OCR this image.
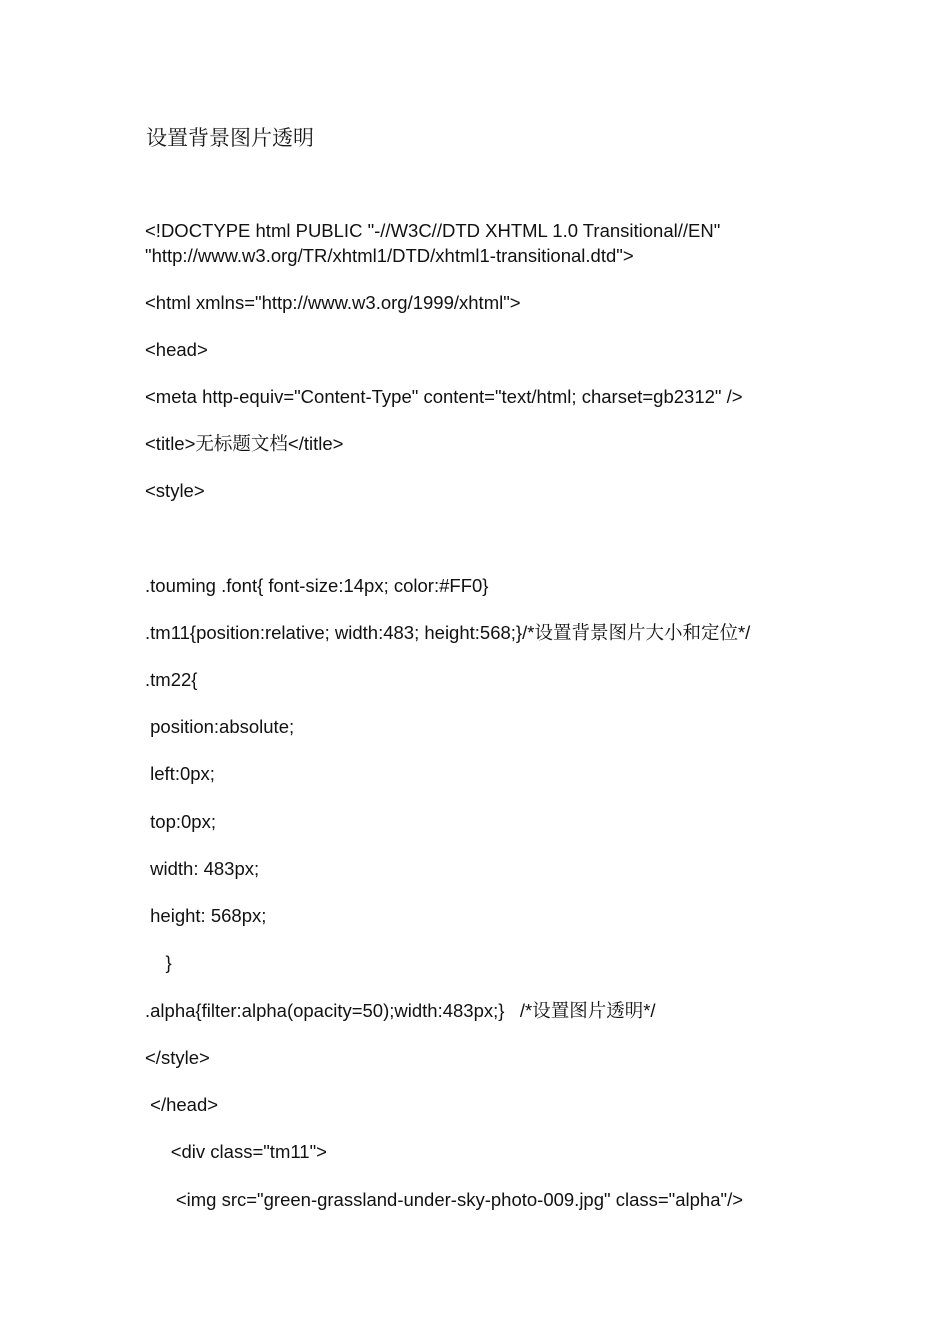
设置背景图片透明
<!DOCTYPE html PUBLIC "-//W3C//DTD XHTML 1.0 Transitional//EN"
"http://www.w3.org/TR/xhtml1/DTD/xhtml1-transitional.dtd">
<html xmlns="http://www.w3.org/1999/xhtml">
<head>
<meta http-equiv="Content-Type" content="text/html; charset=gb2312" />
<title>无标题文档</title>
<style>
.touming .font{ font-size:14px; color:#FF0}
.tm11{position:relative; width:483; height:568;}/*设置背景图片大小和定位*/
.tm22{
position:absolute;
left:0px;
top:0px;
width: 483px;
height: 568px;
}
.alpha{filter:alpha(opacity=50);width:483px;}   /*设置图片透明*/
</style>
</head>
<div class="tm11">
<img src="green-grassland-under-sky-photo-009.jpg" class="alpha"/>
